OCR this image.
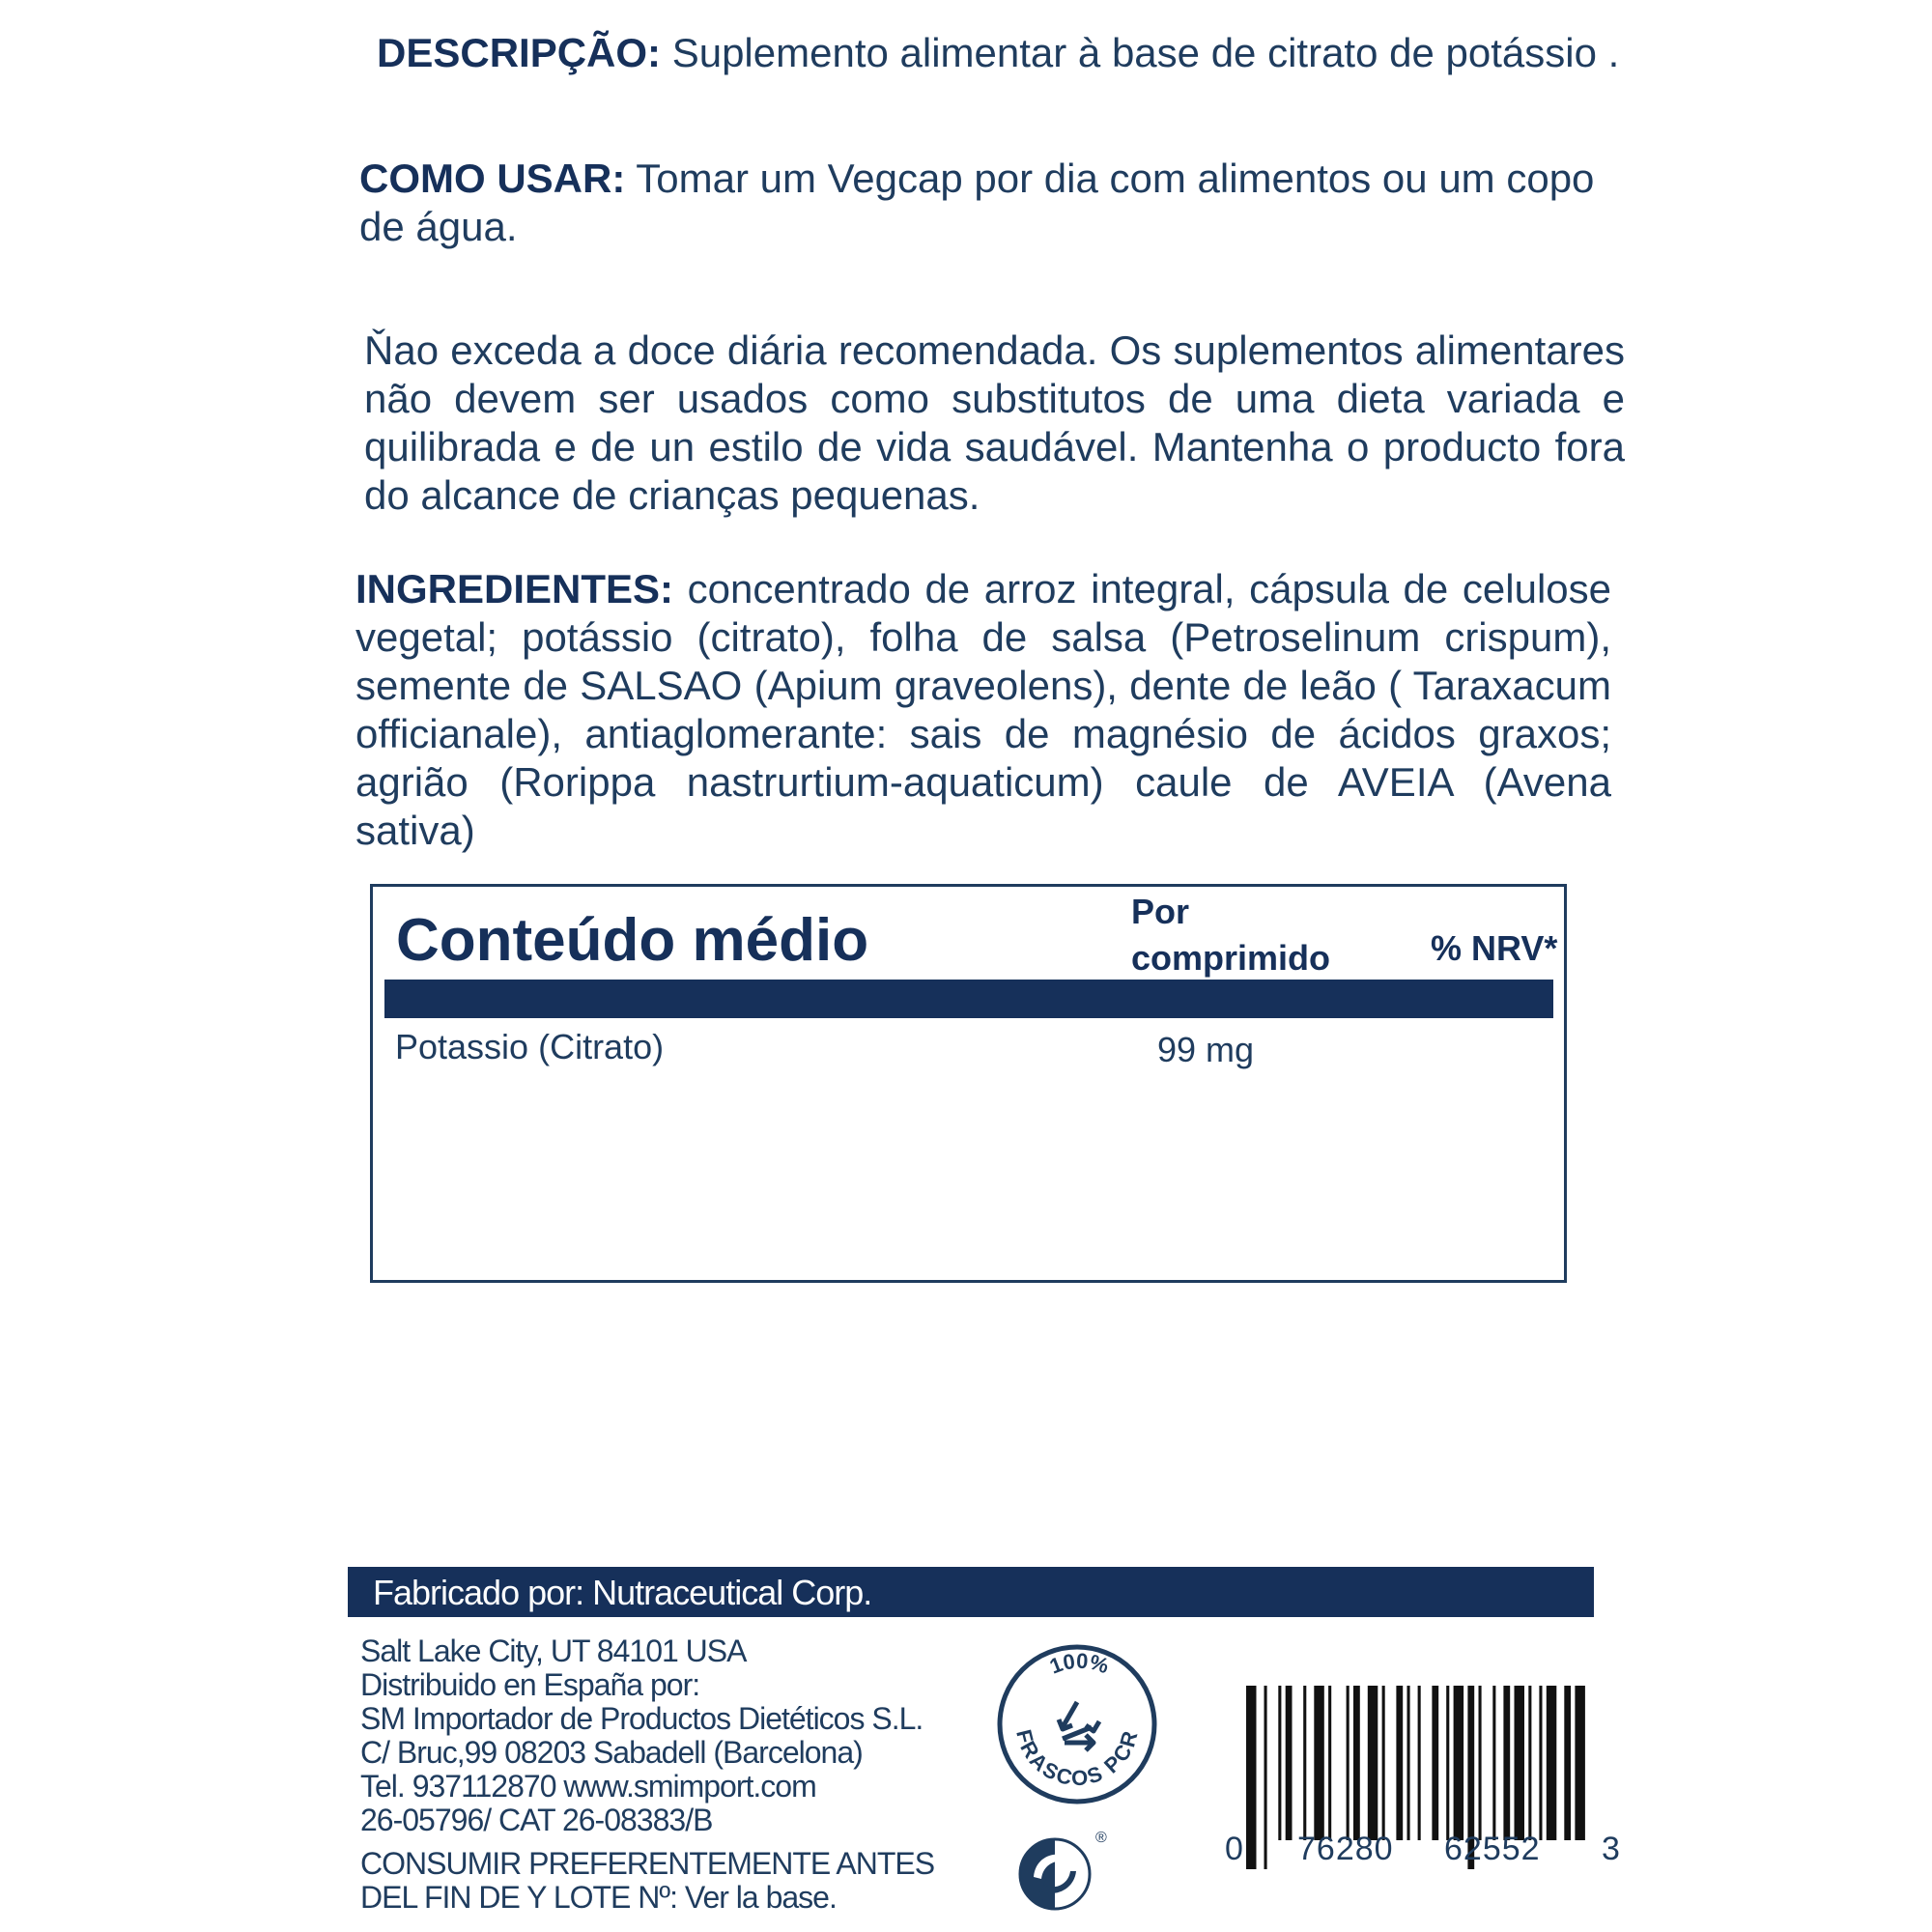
DESCRIPÇÃO: Suplemento alimentar à base de citrato de potássio .
COMO USAR: Tomar um Vegcap por dia com alimentos ou um copo de água.
Ňao exceda a doce diária recomendada. Os suplementos alimentares não devem ser usados como substitutos de uma dieta variada e quilibrada e de un estilo de vida saudável. Mantenha o producto fora do alcance de crianças pequenas.
INGREDIENTES: concentrado de arroz integral, cápsula de celulose vegetal; potássio (citrato), folha de salsa (Petroselinum crispum), semente de SALSAO (Apium graveolens), dente de leão ( Taraxacum officianale), antiaglomerante: sais de magnésio de ácidos graxos; agrião (Rorippa nastrurtium-aquaticum) caule de AVEIA (Avena sativa)
Conteúdo médio	Por comprimido	% NRV*
Potassio (Citrato)	99 mg
Fabricado por: Nutraceutical Corp.
Salt Lake City, UT 84101 USA
Distribuido en España por:
SM Importador de Productos Dietéticos S.L.
C/ Bruc,99 08203 Sabadell (Barcelona)
Tel. 937112870 www.smimport.com
26-05796/ CAT 26-08383/B
CONSUMIR PREFERENTEMENTE ANTES
DEL FIN DE Y LOTE Nº: Ver la base.
100%
FRASCOS PCR
®	0 76280 62552 3
